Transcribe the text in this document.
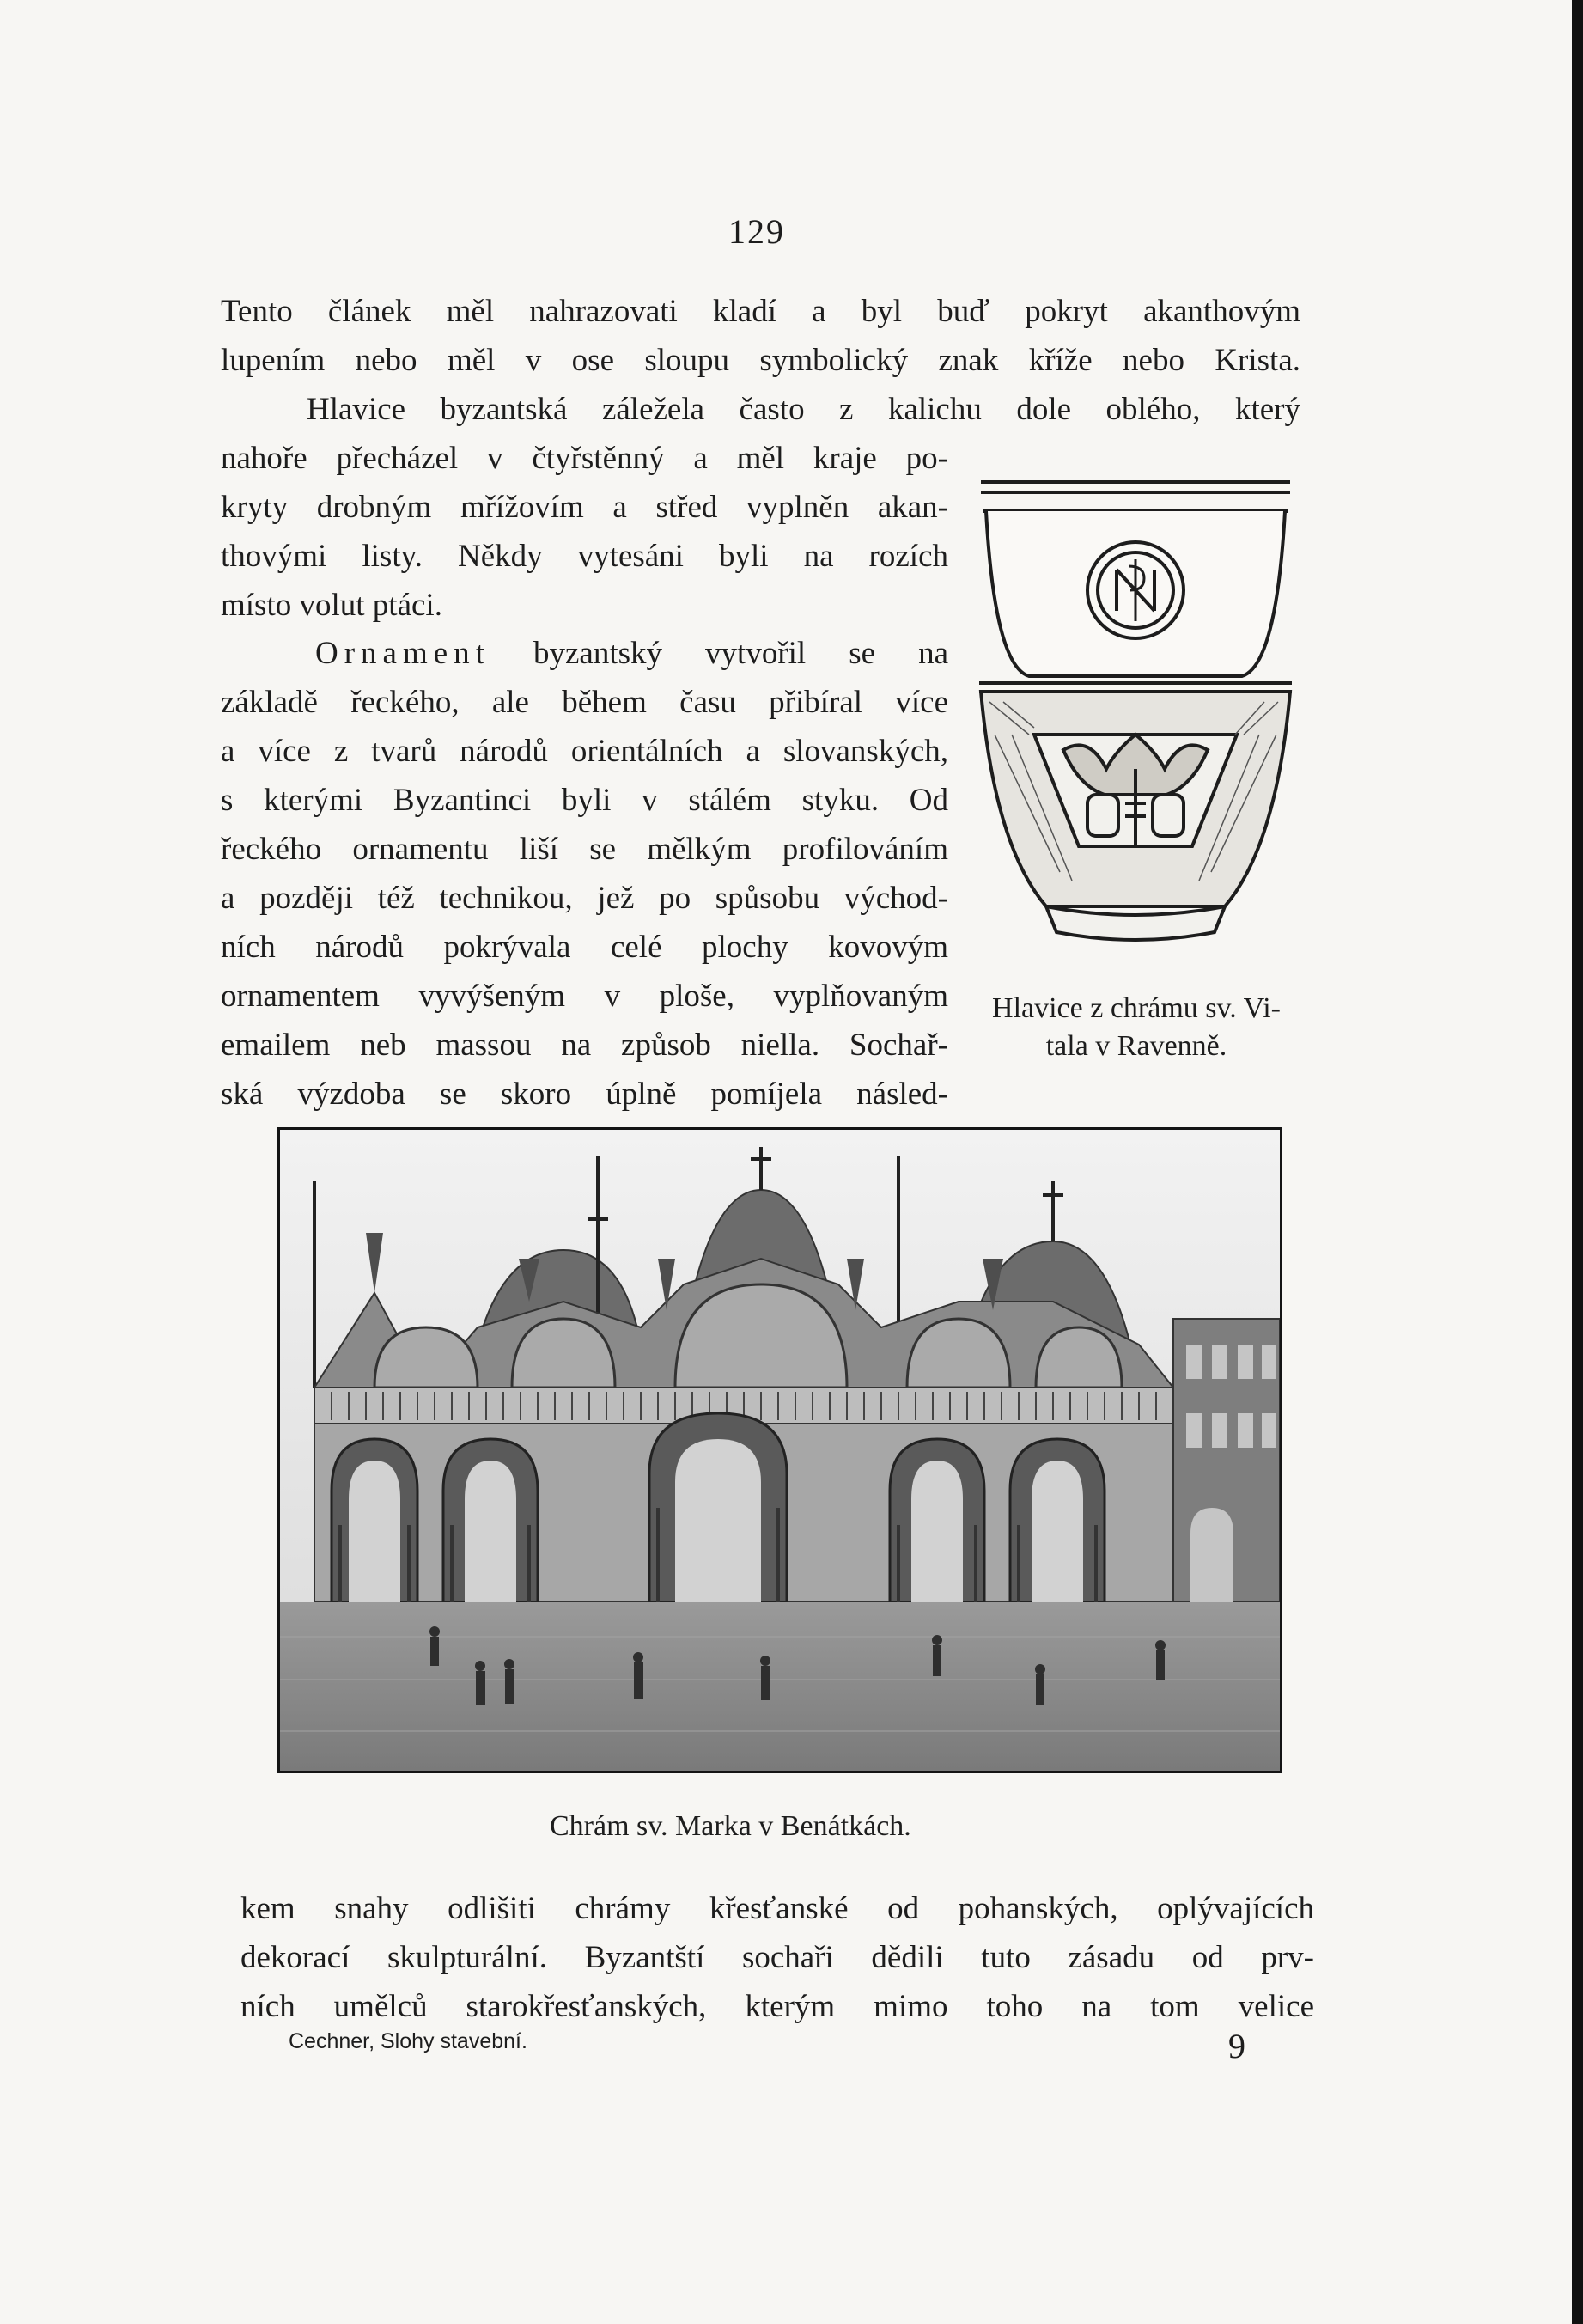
129

Tento článek měl nahrazovati kladí a byl buď pokryt akanthovým
lupením nebo měl v ose sloupu symbolický znak kříže nebo Krista.

Hlavice byzantská záležela často z kalichu dole oblého, který

nahoře přecházel v čtyřstěnný a měl kraje po-
kryty drobným mřížovím a střed vyplněn akan-
thovými listy. Někdy vytesáni byli na rozích
místo volut ptáci.

Ornament byzantský vytvořil se na
základě řeckého, ale během času přibíral více
a více z tvarů národů orientálních a slovanských,
s kterými Byzantinci byli v stálém styku. Od
řeckého ornamentu liší se mělkým profilováním
a později též technikou, jež po spůsobu východ-
ních národů pokrývala celé plochy kovovým
ornamentem vyvýšeným v ploše, vyplňovaným
emailem neb massou na způsob niella. Sochař-
ská výzdoba se skoro úplně pomíjela násled-

Hlavice z chrámu sv. Vi-
tala v Ravenně.

Chrám sv. Marka v Benátkách.

kem snahy odlišiti chrámy křesťanské od pohanských, oplývajících
dekorací skulpturální. Byzantští sochaři dědili tuto zásadu od prv-
ních umělců starokřesťanských, kterým mimo toho na tom velice

Cechner, Slohy stavební.	9
